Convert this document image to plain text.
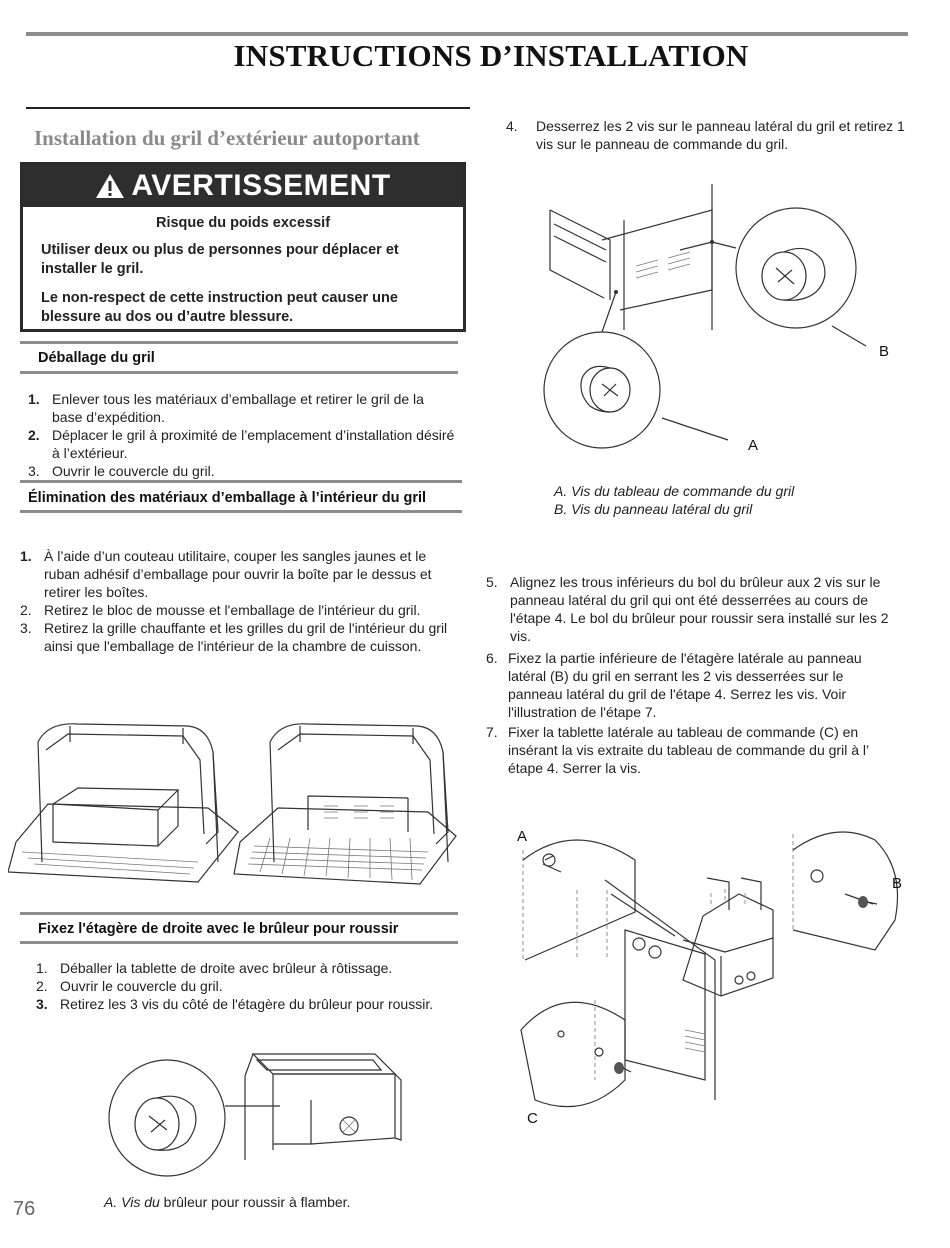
INSTRUCTIONS D’INSTALLATION
Installation du gril d’extérieur autoportant
AVERTISSEMENT
Risque du poids excessif
Utiliser deux ou plus de personnes pour déplacer et installer le gril.
Le non-respect de cette instruction peut causer une blessure au dos ou d’autre blessure.
Déballage du gril
1. Enlever tous les matériaux d’emballage et retirer le gril de la base d’expédition.
2. Déplacer le gril à proximité de l’emplacement d’installation désiré à l’extérieur.
3. Ouvrir le couvercle du gril.
Élimination des matériaux d’emballage à l’intérieur du gril
1. À l’aide d’un couteau utilitaire, couper les sangles jaunes et le ruban adhésif d’emballage pour ouvrir la boîte par le dessus et retirer les boîtes.
2. Retirez le bloc de mousse et l'emballage de l'intérieur du gril.
3. Retirez la grille chauffante et les grilles du gril de l'intérieur du gril ainsi que l'emballage de l'intérieur de la chambre de cuisson.
Fixez l'étagère de droite avec le brûleur pour roussir
1. Déballer la tablette de droite avec brûleur à rôtissage.
2. Ouvrir le couvercle du gril.
3. Retirez les 3 vis du côté de l'étagère du brûleur pour roussir.
A. Vis du brûleur pour roussir à flamber.
76
4. Desserrez les 2 vis sur le panneau latéral du gril et retirez 1 vis sur le panneau de commande du gril.
B
A
A. Vis du tableau de commande du gril
B. Vis du panneau latéral du gril
5. Alignez les trous inférieurs du bol du brûleur aux 2 vis sur le panneau latéral du gril qui ont été desserrées au cours de l'étape 4. Le bol du brûleur pour roussir sera installé sur les 2 vis.
6. Fixez la partie inférieure de l'étagère latérale au panneau latéral (B) du gril en serrant les 2 vis desserrées sur le panneau latéral du gril de l'étape 4. Serrez les vis. Voir l'illustration de l'étape 7.
7. Fixer la tablette latérale au tableau de commande (C) en insérant la vis extraite du tableau de commande du gril à l’ étape 4. Serrer la vis.
A
B
C
